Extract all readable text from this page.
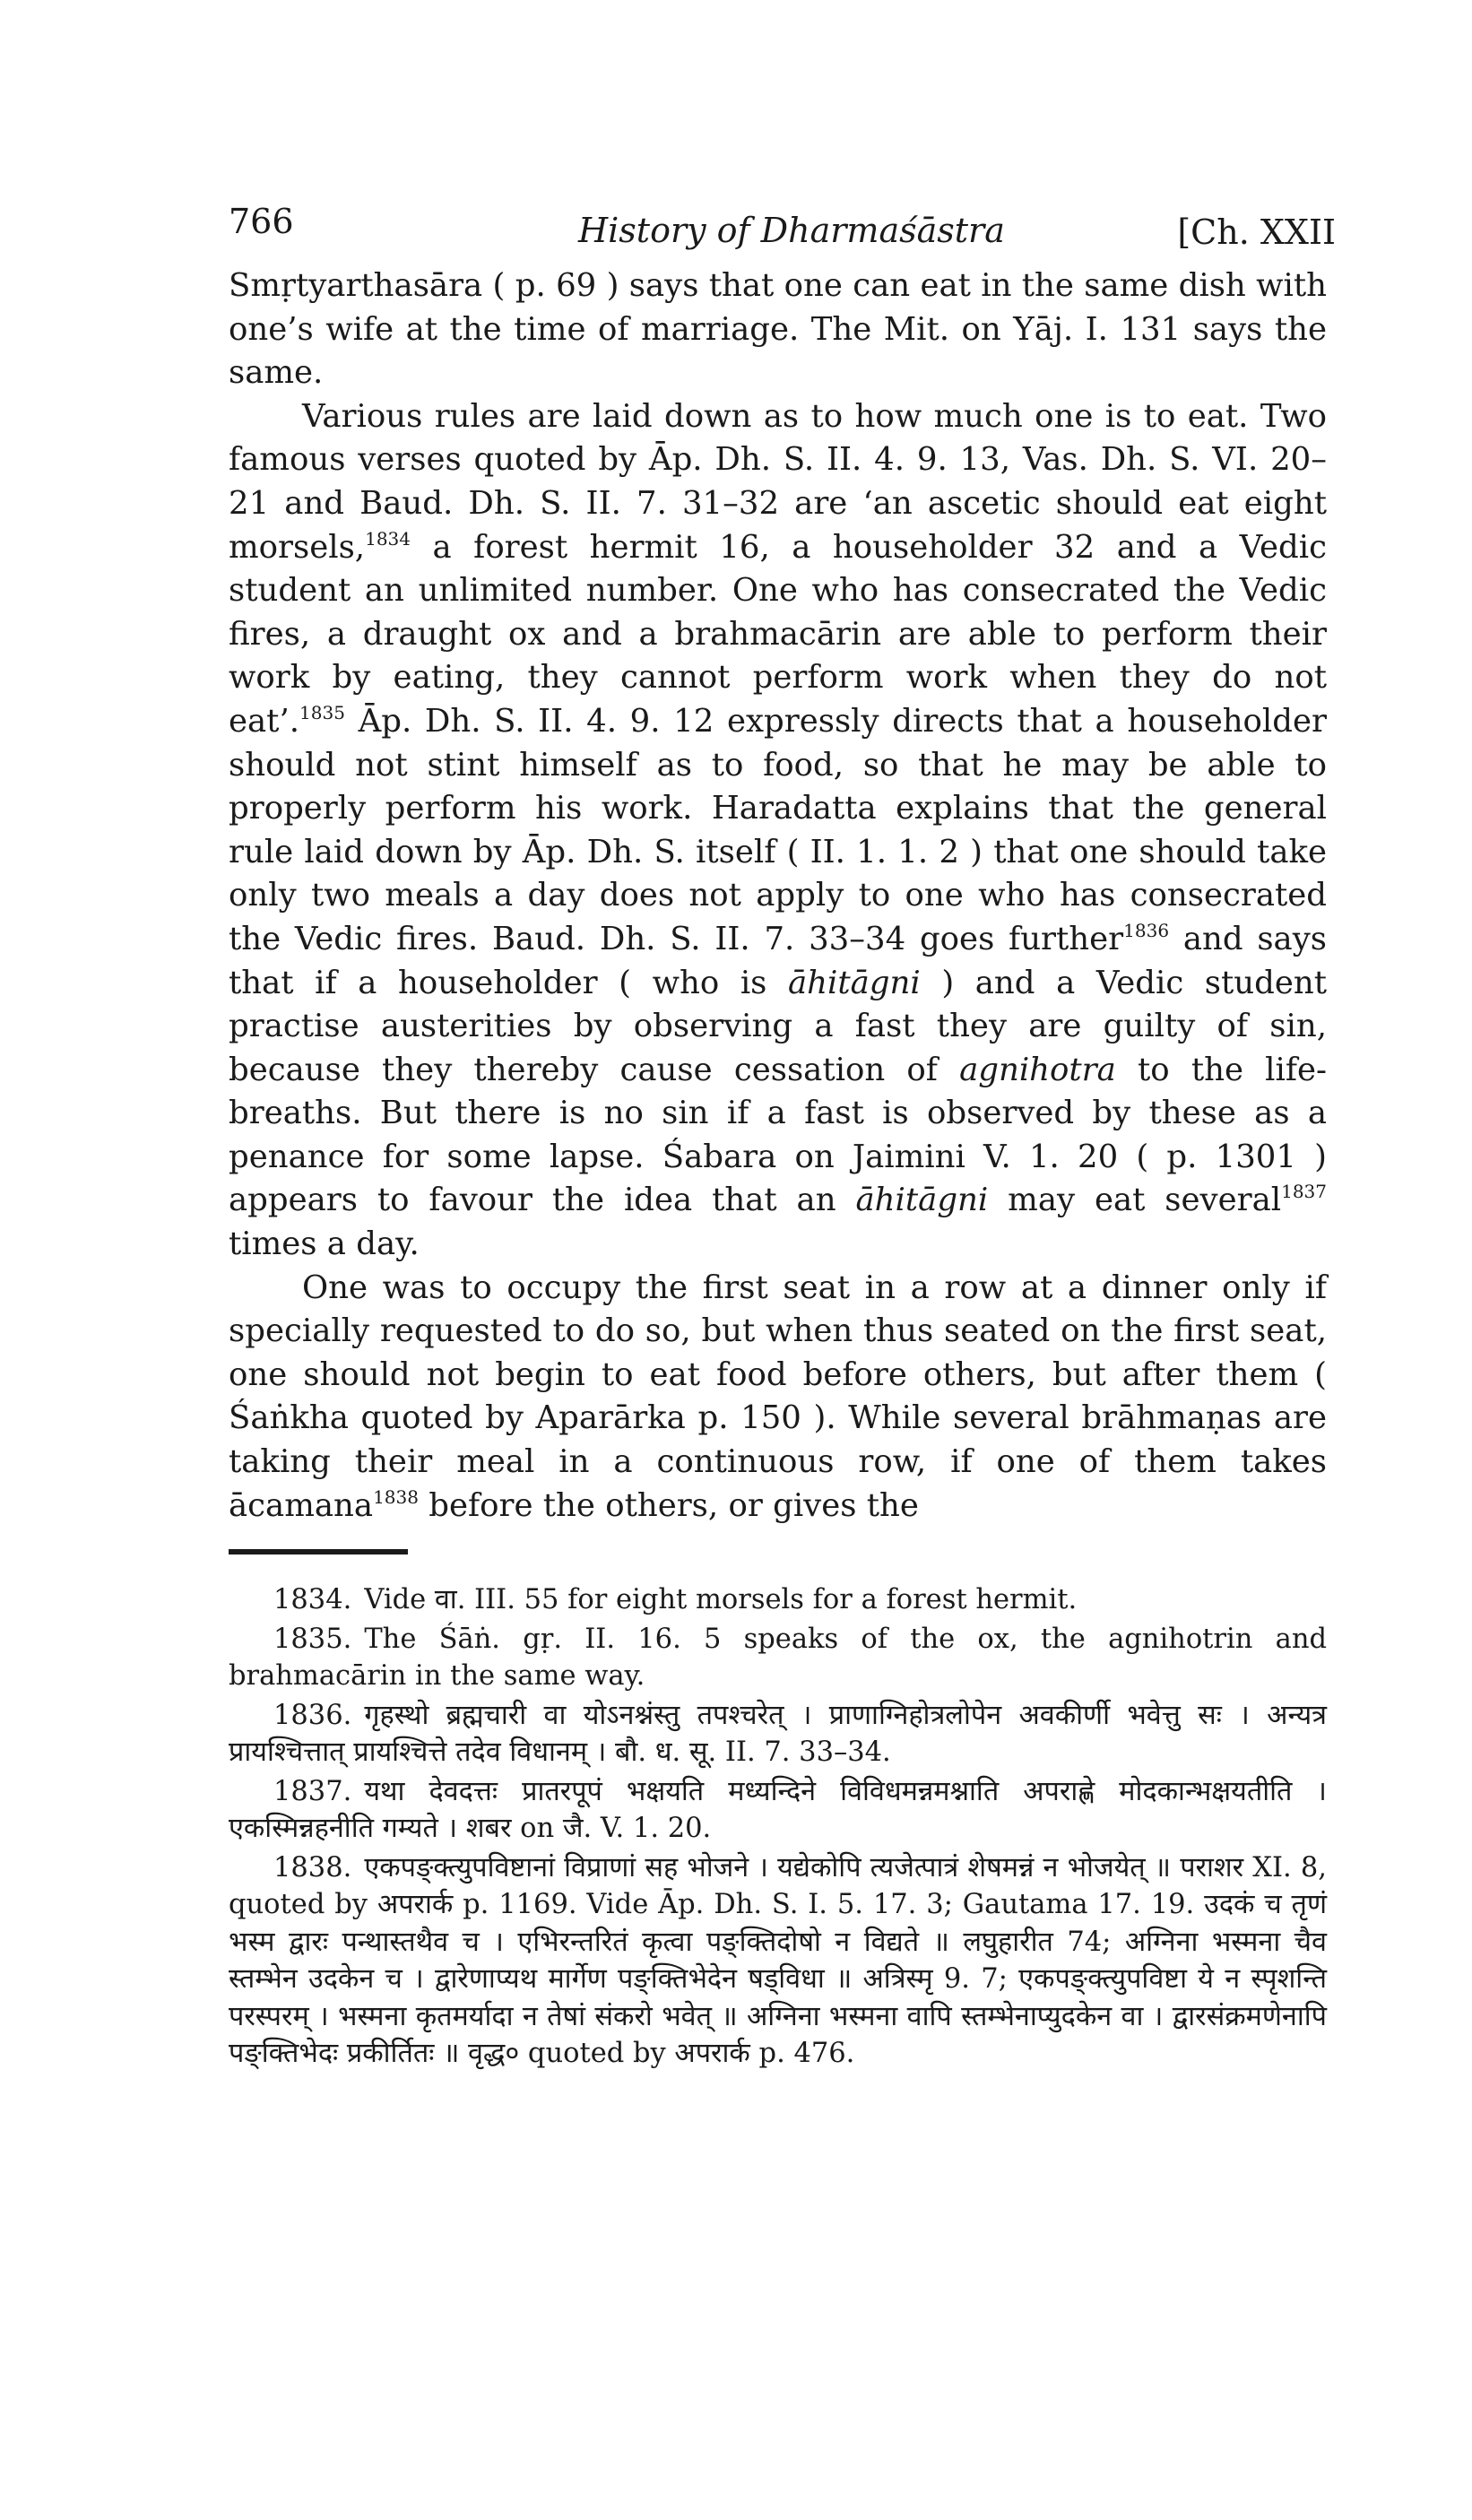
766	History of Dharmaśāstra	[Ch. XXII

Smṛtyarthasāra ( p. 69 ) says that one can eat in the same dish with one’s wife at the time of marriage. The Mit. on Yāj. I. 131 says the same.

Various rules are laid down as to how much one is to eat. Two famous verses quoted by Āp. Dh. S. II. 4. 9. 13, Vas. Dh. S. VI. 20–21 and Baud. Dh. S. II. 7. 31–32 are ‘an ascetic should eat eight morsels,$^{1834}$ a forest hermit 16, a householder 32 and a Vedic student an unlimited number. One who has consecrated the Vedic fires, a draught ox and a brahmacārin are able to perform their work by eating, they cannot perform work when they do not eat’.$^{1835}$ Āp. Dh. S. II. 4. 9. 12 expressly directs that a householder should not stint himself as to food, so that he may be able to properly perform his work. Haradatta explains that the general rule laid down by Āp. Dh. S. itself ( II. 1. 1. 2 ) that one should take only two meals a day does not apply to one who has consecrated the Vedic fires. Baud. Dh. S. II. 7. 33–34 goes further$^{1836}$ and says that if a householder ( who is āhitāgni ) and a Vedic student practise austerities by observing a fast they are guilty of sin, because they thereby cause cessation of agnihotra to the life-breaths. But there is no sin if a fast is observed by these as a penance for some lapse. Śabara on Jaimini V. 1. 20 ( p. 1301 ) appears to favour the idea that an āhitāgni may eat several$^{1837}$ times a day.

One was to occupy the first seat in a row at a dinner only if specially requested to do so, but when thus seated on the first seat, one should not begin to eat food before others, but after them ( Śaṅkha quoted by Aparārka p. 150 ). While several brāhmaṇas are taking their meal in a continuous row, if one of them takes ācamana$^{1838}$ before the others, or gives the

1834. Vide वा. III. 55 for eight morsels for a forest hermit.

1835. The Śāṅ. gṛ. II. 16. 5 speaks of the ox, the agnihotrin and brahmacārin in the same way.

1836. गृहस्थो ब्रह्मचारी वा योऽनश्नंस्तु तपश्चरेत् । प्राणाग्निहोत्रलोपेन अवकीर्णी भवेत्तु सः । अन्यत्र प्रायश्चित्तात् प्रायश्चित्ते तदेव विधानम् । बौ. ध. सू. II. 7. 33–34.

1837. यथा देवदत्तः प्रातरपूपं भक्षयति मध्यन्दिने विविधमन्नमश्नाति अपराह्णे मोदकान्भक्षयतीति । एकस्मिन्नहनीति गम्यते । शबर on जै. V. 1. 20.

1838. एकपङ्क्त्युपविष्टानां विप्राणां सह भोजने । यद्येकोपि त्यजेत्पात्रं शेषमन्नं न भोजयेत् ॥ पराशर XI. 8, quoted by अपरार्क p. 1169. Vide Āp. Dh. S. I. 5. 17. 3; Gautama 17. 19. उदकं च तृणं भस्म द्वारः पन्थास्तथैव च । एभिरन्तरितं कृत्वा पङ्क्तिदोषो न विद्यते ॥ लघुहारीत 74; अग्निना भस्मना चैव स्तम्भेन उदकेन च । द्वारेणाप्यथ मार्गेण पङ्क्तिभेदेन षड्विधा ॥ अत्रिस्मृ 9. 7; एकपङ्क्त्युपविष्टा ये न स्पृशन्ति परस्परम् । भस्मना कृतमर्यादा न तेषां संकरो भवेत् ॥ अग्निना भस्मना वापि स्तम्भेनाप्युदकेन वा । द्वारसंक्रमणेनापि पङ्क्तिभेदः प्रकीर्तितः ॥ वृद्ध० quoted by अपरार्क p. 476.
